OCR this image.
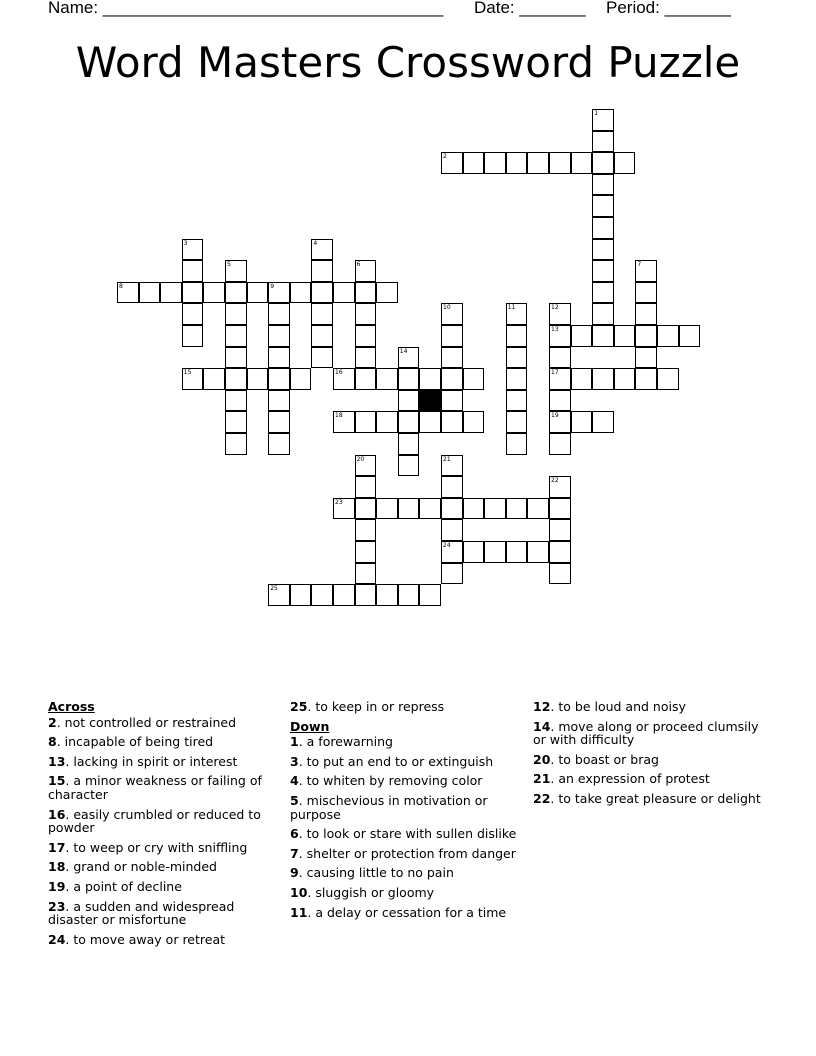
Name: ____________________________________ Date: _______ Period: _______
Word Masters Crossword Puzzle
1
2
3	4
5	6	7
8	9
10	11	12
13
17
19
14
15	16
18
20	21
24
22
23
25
Across
2. not controlled or restrained
8. incapable of being tired
13. lacking in spirit or interest
15. a minor weakness or failing of character
16. easily crumbled or reduced to powder
17. to weep or cry with sniffling
18. grand or noble-minded
19. a point of decline
23. a sudden and widespread disaster or misfortune
24. to move away or retreat
25. to keep in or repress
Down
1. a forewarning
3. to put an end to or extinguish
4. to whiten by removing color
5. mischevious in motivation or purpose
6. to look or stare with sullen dislike
7. shelter or protection from danger
9. causing little to no pain
10. sluggish or gloomy
11. a delay or cessation for a time
12. to be loud and noisy
14. move along or proceed clumsily or with difficulty
20. to boast or brag
21. an expression of protest
22. to take great pleasure or delight
